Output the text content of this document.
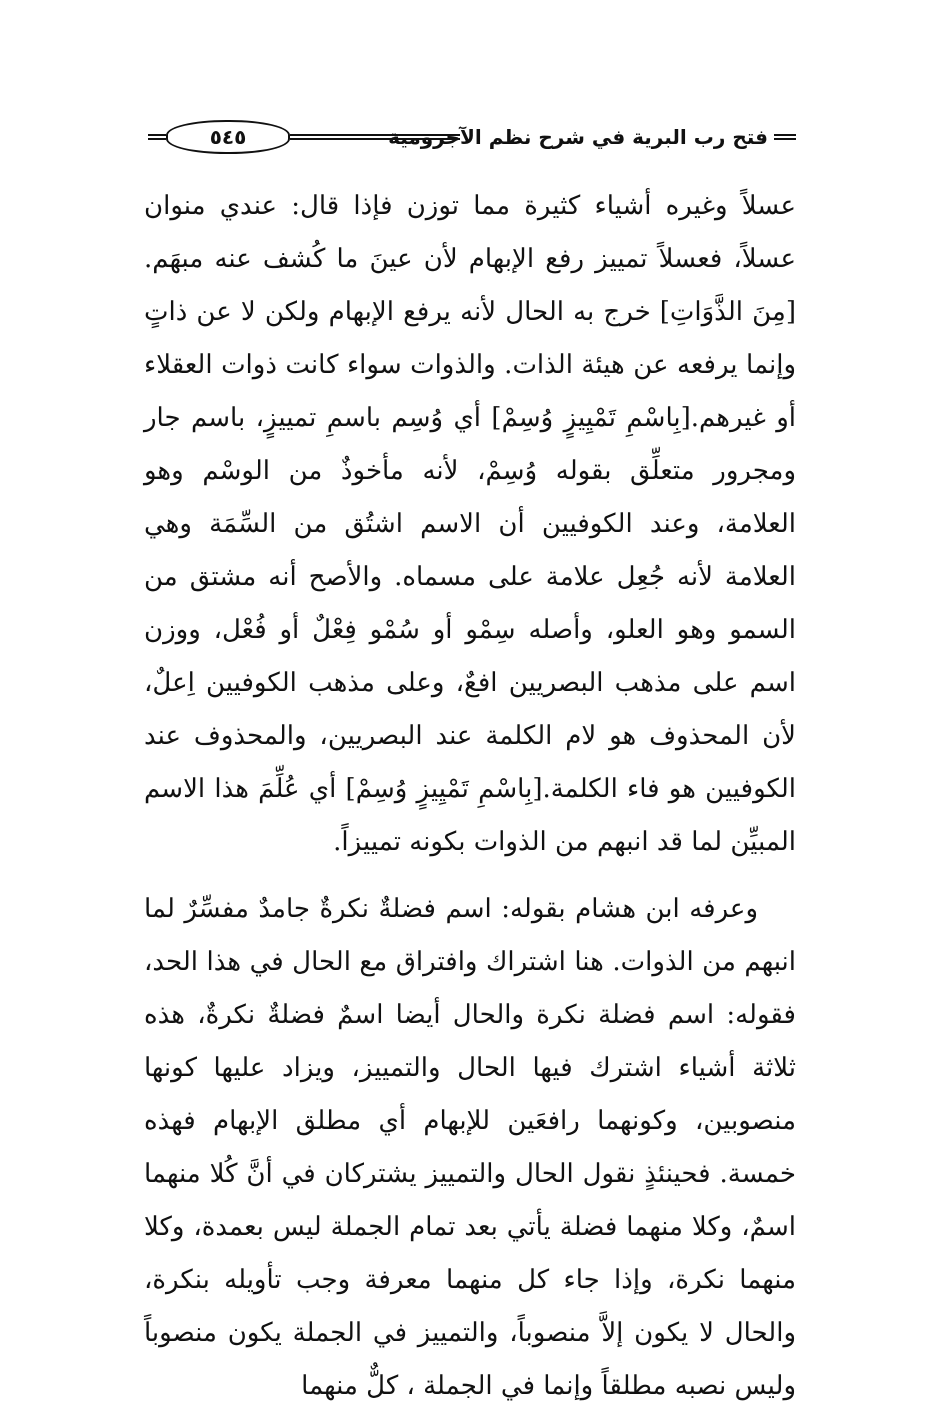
فتح رب البرية في شرح نظم الآجرومية
٥٤٥

عسلاً وغيره أشياء كثيرة مما توزن فإذا قال: عندي منوان عسلاً، فعسلاً تمييز رفع الإبهام لأن عينَ ما كُشف عنه مبهَم.[مِنَ الذَّوَاتِ] خرج به الحال لأنه يرفع الإبهام ولكن لا عن ذاتٍ وإنما يرفعه عن هيئة الذات. والذوات سواء كانت ذوات العقلاء أو غيرهم.[بِاسْمِ تَمْيِيزٍ وُسِمْ] أي وُسِم باسمِ تمييزٍ، باسم جار ومجرور متعلِّق بقوله وُسِمْ، لأنه مأخوذٌ من الوسْم وهو العلامة، وعند الكوفيين أن الاسم اشتُق من السِّمَة وهي العلامة لأنه جُعِل علامة على مسماه. والأصح أنه مشتق من السمو وهو العلو، وأصله سِمْو أو سُمْو فِعْلٌ أو فُعْل، ووزن اسم على مذهب البصريين افعٌ، وعلى مذهب الكوفيين اِعلٌ، لأن المحذوف هو لام الكلمة عند البصريين، والمحذوف عند الكوفيين هو فاء الكلمة.[بِاسْمِ تَمْيِيزٍ وُسِمْ] أي عُلِّمَ هذا الاسم المبيِّن لما قد انبهم من الذوات بكونه تمييزاً.

وعرفه ابن هشام بقوله: اسم فضلةٌ نكرةٌ جامدٌ مفسِّرٌ لما انبهم من الذوات. هنا اشتراك وافتراق مع الحال في هذا الحد، فقوله: اسم فضلة نكرة والحال أيضا اسمٌ فضلةٌ نكرةٌ، هذه ثلاثة أشياء اشترك فيها الحال والتمييز، ويزاد عليها كونها منصوبين، وكونهما رافعَين للإبهام أي مطلق الإبهام فهذه خمسة. فحينئذٍ نقول الحال والتمييز يشتركان في أنَّ كُلا منهما اسمٌ، وكلا منهما فضلة يأتي بعد تمام الجملة ليس بعمدة، وكلا منهما نكرة، وإذا جاء كل منهما معرفة وجب تأويله بنكرة، والحال لا يكون إلاَّ منصوباً، والتمييز في الجملة يكون منصوباً وليس نصبه مطلقاً وإنما في الجملة ، كلٌّ منهما
